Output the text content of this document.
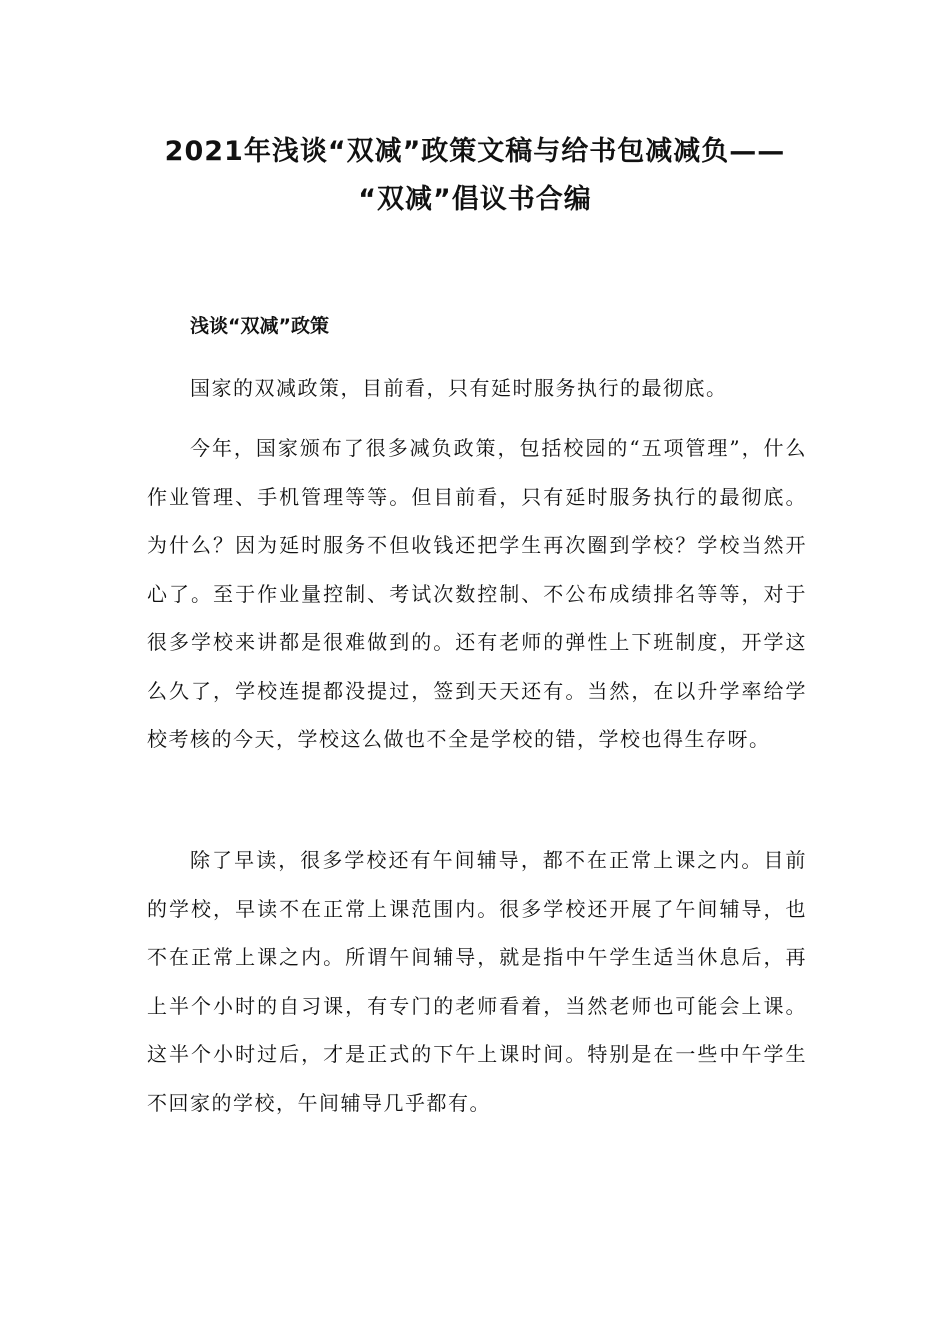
2021年浅谈“双减”政策文稿与给书包减减负——
“双减”倡议书合编
浅谈“双减”政策

国家的双减政策，目前看，只有延时服务执行的最彻底。

今年，国家颁布了很多减负政策，包括校园的“五项管理”，什么作业管理、手机管理等等。但目前看，只有延时服务执行的最彻底。为什么？因为延时服务不但收钱还把学生再次圈到学校？学校当然开心了。至于作业量控制、考试次数控制、不公布成绩排名等等，对于很多学校来讲都是很难做到的。还有老师的弹性上下班制度，开学这么久了，学校连提都没提过，签到天天还有。当然，在以升学率给学校考核的今天，学校这么做也不全是学校的错，学校也得生存呀。

除了早读，很多学校还有午间辅导，都不在正常上课之内。目前的学校，早读不在正常上课范围内。很多学校还开展了午间辅导，也不在正常上课之内。所谓午间辅导，就是指中午学生适当休息后，再上半个小时的自习课，有专门的老师看着，当然老师也可能会上课。这半个小时过后，才是正式的下午上课时间。特别是在一些中午学生不回家的学校，午间辅导几乎都有。
